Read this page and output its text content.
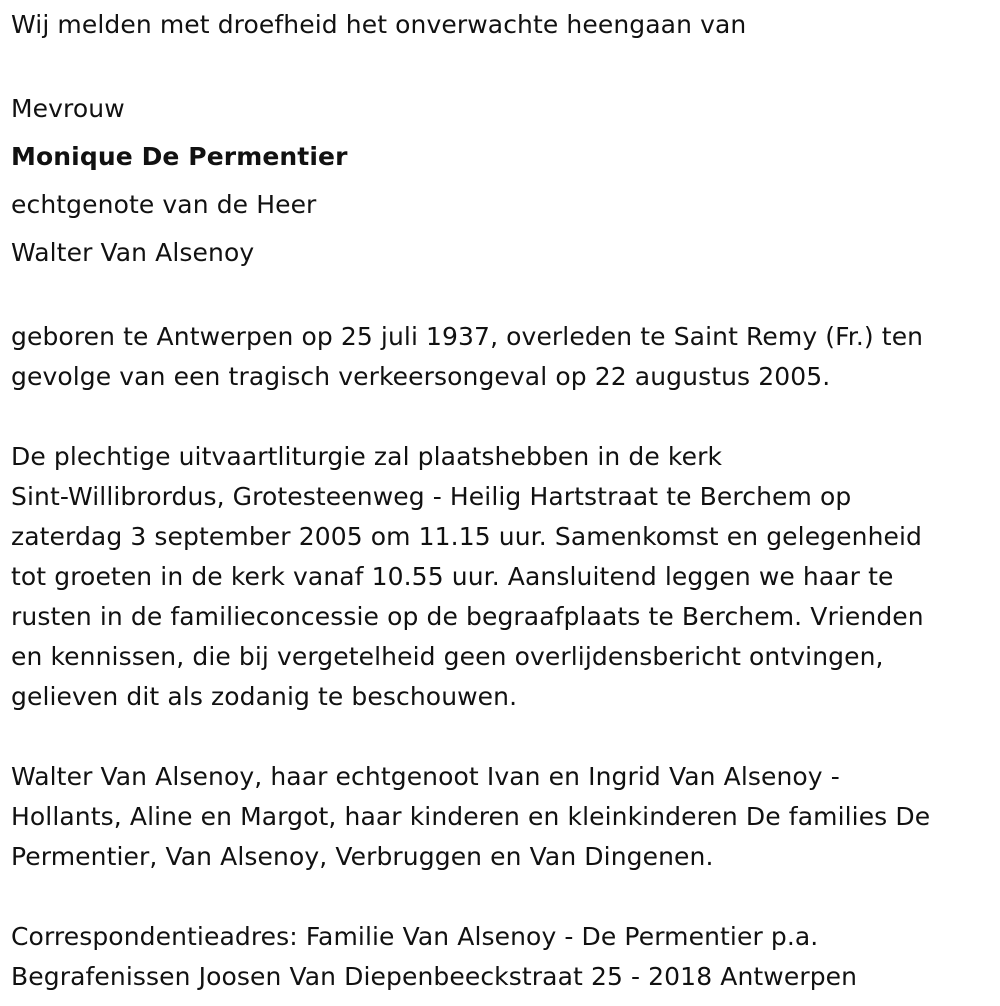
Wij melden met droefheid het onverwachte heengaan van
Mevrouw
Monique De Permentier
echtgenote van de Heer
Walter Van Alsenoy
geboren te Antwerpen op 25 juli 1937, overleden te Saint Remy (Fr.) ten
gevolge van een tragisch verkeersongeval op 22 augustus 2005.
De plechtige uitvaartliturgie zal plaatshebben in de kerk
Sint-Willibrordus, Grotesteenweg - Heilig Hartstraat te Berchem op
zaterdag 3 september 2005 om 11.15 uur. Samenkomst en gelegenheid
tot groeten in de kerk vanaf 10.55 uur. Aansluitend leggen we haar te
rusten in de familieconcessie op de begraafplaats te Berchem. Vrienden
en kennissen, die bij vergetelheid geen overlijdensbericht ontvingen,
gelieven dit als zodanig te beschouwen.
Walter Van Alsenoy, haar echtgenoot Ivan en Ingrid Van Alsenoy -
Hollants, Aline en Margot, haar kinderen en kleinkinderen De families De
Permentier, Van Alsenoy, Verbruggen en Van Dingenen.
Correspondentieadres: Familie Van Alsenoy - De Permentier p.a.
Begrafenissen Joosen Van Diepenbeeckstraat 25 - 2018 Antwerpen
